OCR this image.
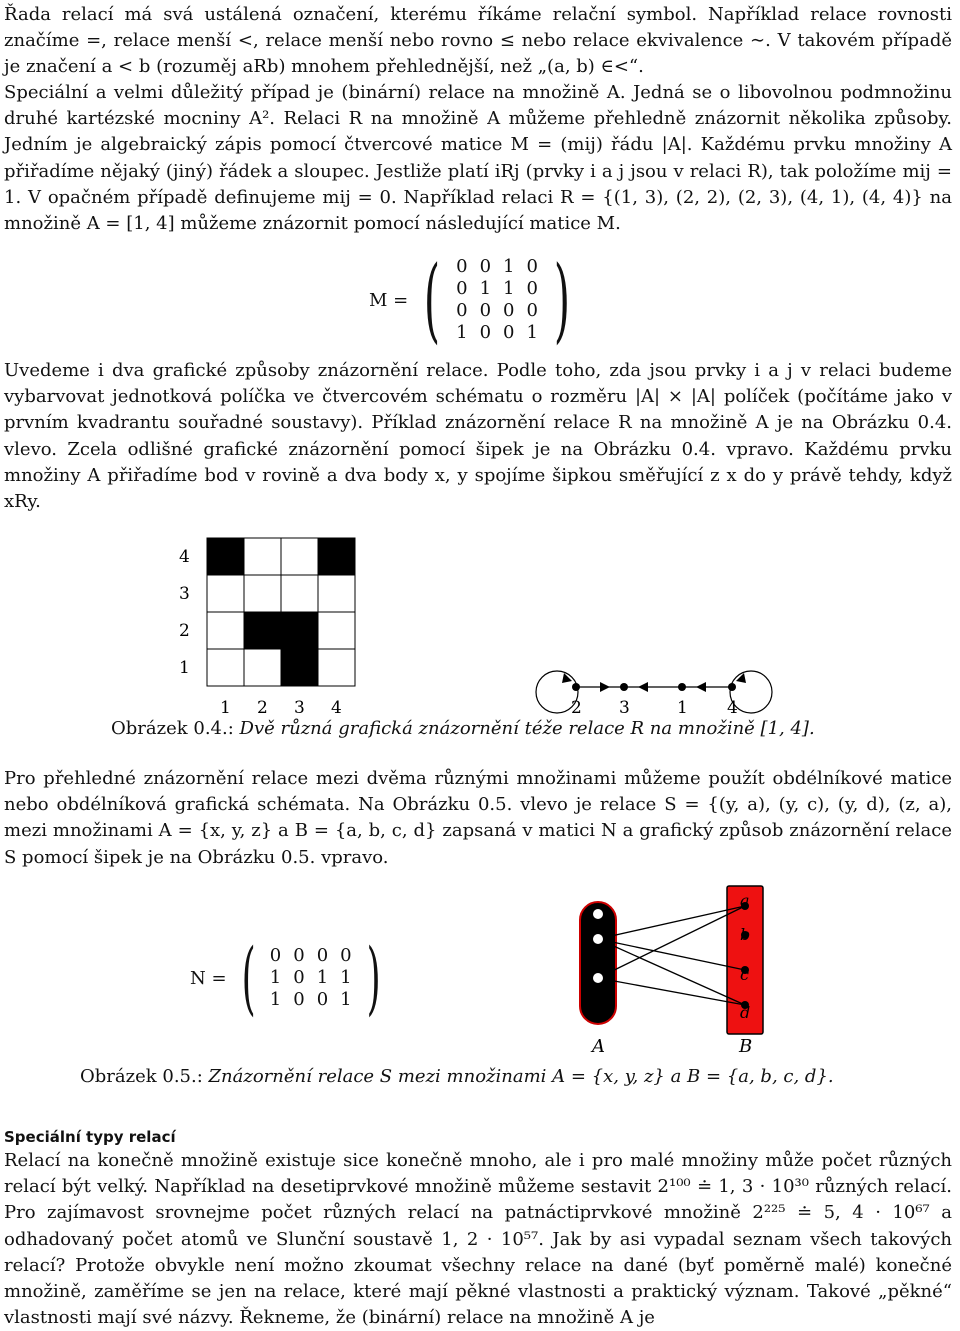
Řada relací má svá ustálená označení, kterému říkáme relační symbol. Například relace rovnosti značíme =, relace menší <, relace menší nebo rovno ≤ nebo relace ekvivalence ∼. V takovém případě je značení a < b (rozuměj aRb) mnohem přehlednější, než „(a, b) ∈<“.

Speciální a velmi důležitý případ je (binární) relace na množině A. Jedná se o libovolnou podmnožinu druhé kartézské mocniny A². Relaci R na množině A můžeme přehledně znázornit několika způsoby. Jedním je algebraický zápis pomocí čtvercové matice M = (mij) řádu |A|. Každému prvku množiny A přiřadíme nějaký (jiný) řádek a sloupec. Jestliže platí iRj (prvky i a j jsou v relaci R), tak položíme mij = 1. V opačném případě definujeme mij = 0. Například relaci R = {(1, 3), (2, 2), (2, 3), (4, 1), (4, 4)} na množině A = [1, 4] můžeme znázornit pomocí následující matice M.

M = ( 0	0	1	0
0	1	1	0
0	0	0	0
1	0	0	1 )

Uvedeme i dva grafické způsoby znázornění relace. Podle toho, zda jsou prvky i a j v relaci budeme vybarvovat jednotková políčka ve čtvercovém schématu o rozměru |A| × |A| políček (počítáme jako v prvním kvadrantu souřadné soustavy). Příklad znázornění relace R na množině A je na Obrázku 0.4. vlevo. Zcela odlišné grafické znázornění pomocí šipek je na Obrázku 0.4. vpravo. Každému prvku množiny A přiřadíme bod v rovině a dva body x, y spojíme šipkou směřující z x do y právě tehdy, když xRy.

4
3
2
1
1 2 3 4	2 3	1 4
Obrázek 0.4.: Dvě různá grafická znázornění téže relace R na množině [1, 4].

Pro přehledné znázornění relace mezi dvěma různými množinami můžeme použít obdélníkové matice nebo obdélníková grafická schémata. Na Obrázku 0.5. vlevo je relace S = {(y, a), (y, c), (y, d), (z, a), mezi množinami A = {x, y, z} a B = {a, b, c, d} zapsaná v matici N a grafický způsob znázornění relace S pomocí šipek je na Obrázku 0.5. vpravo.

N = ( 0	0	0	0
1	0	1	1
1	0	0	1 )
a
b
c
d
A	B
Obrázek 0.5.: Znázornění relace S mezi množinami A = {x, y, z} a B = {a, b, c, d}.
Speciální typy relací

Relací na konečně množině existuje sice konečně mnoho, ale i pro malé množiny může počet různých relací být velký. Například na desetiprvkové množině můžeme sestavit 2¹⁰⁰ ≐ 1, 3 · 10³⁰ různých relací. Pro zajímavost srovnejme počet různých relací na patnáctiprvkové množině 2²²⁵ ≐ 5, 4 · 10⁶⁷ a odhadovaný počet atomů ve Slunční soustavě 1, 2 · 10⁵⁷. Jak by asi vypadal seznam všech takových relací? Protože obvykle není možno zkoumat všechny relace na dané (byť poměrně malé) konečné množině, zaměříme se jen na relace, které mají pěkné vlastnosti a praktický význam. Takové „pěkné“ vlastnosti mají své názvy. Řekneme, že (binární) relace na množině A je
